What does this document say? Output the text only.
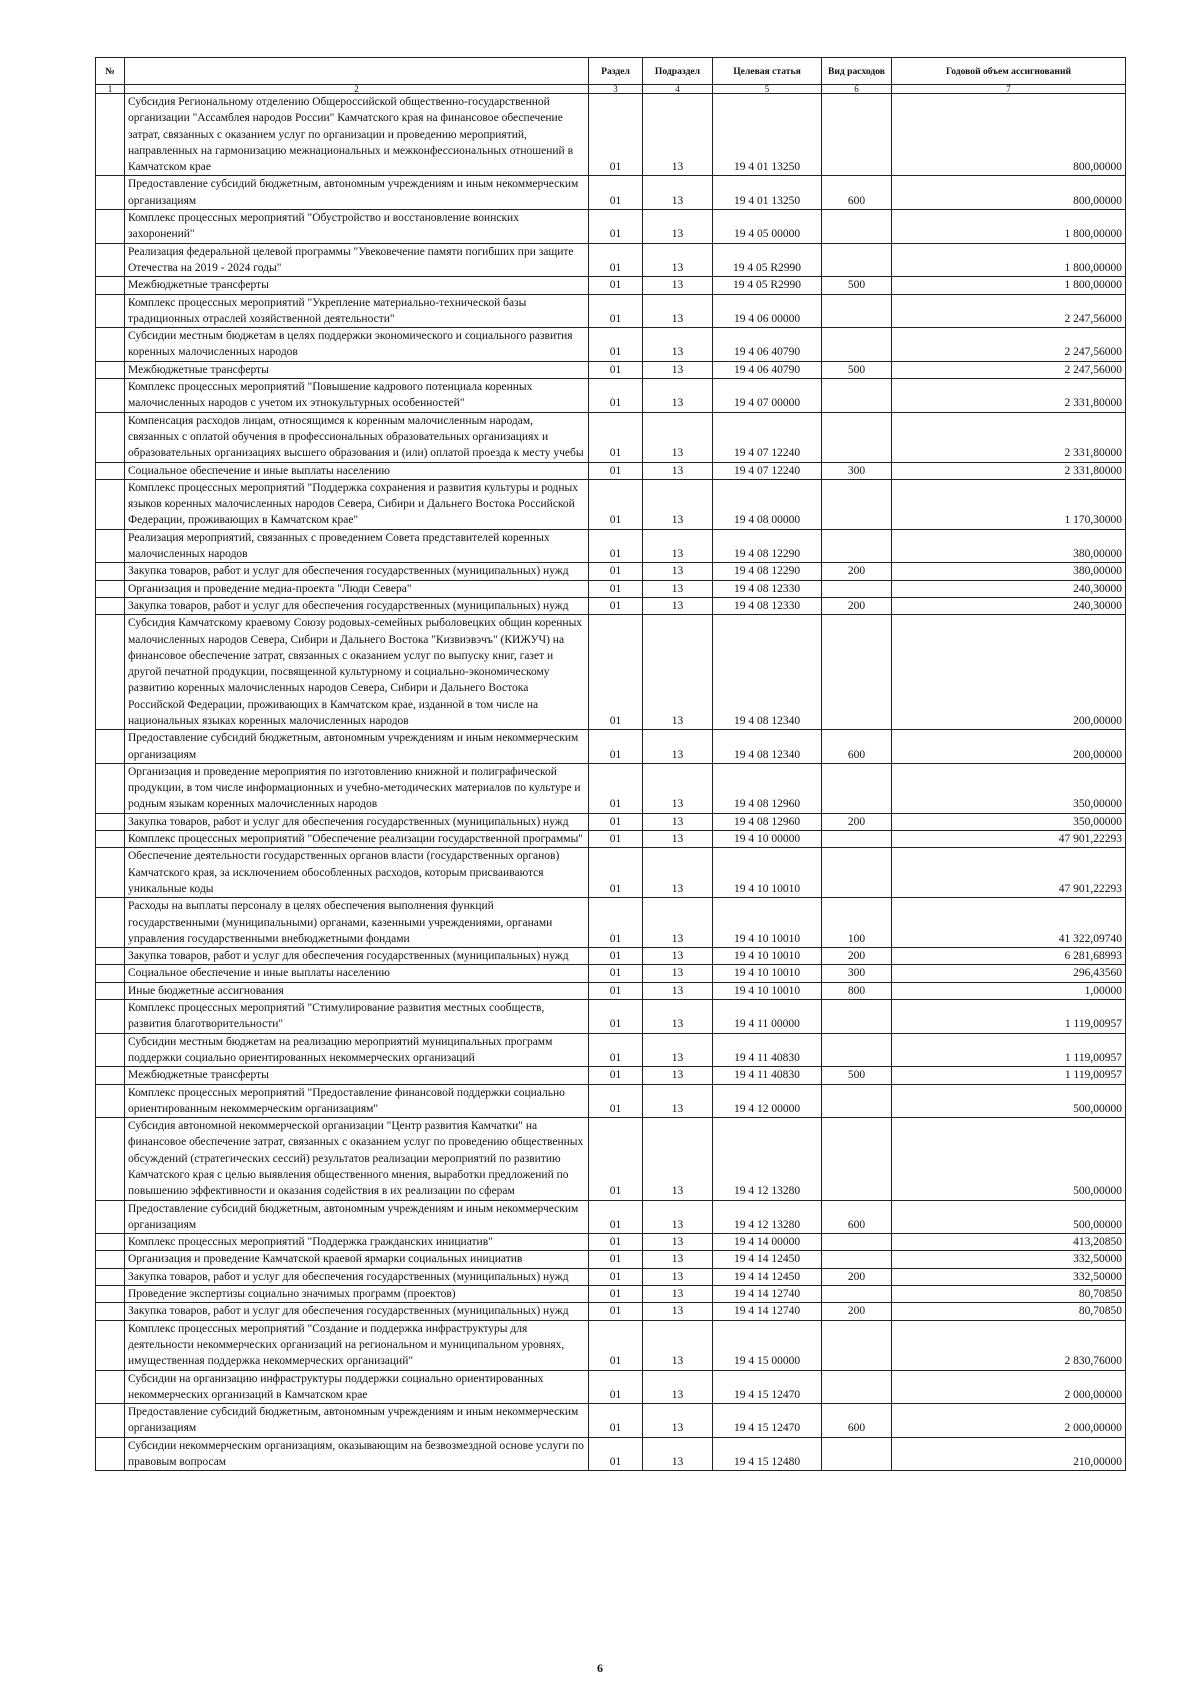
№		Раздел	Подраздел	Целевая статья	Вид расходов	Годовой объем ассигнований
1	2	3	4	5	6	7
	Субсидия Региональному отделению Общероссийской общественно-государственной организации "Ассамблея народов России" Камчатского края на финансовое обеспечение затрат, связанных с оказанием услуг по организации и проведению мероприятий, направленных на гармонизацию межнациональных и межконфессиональных отношений в Камчатском крае	01	13	19 4 01 13250		800,00000
	Предоставление субсидий бюджетным, автономным учреждениям и иным некоммерческим организациям	01	13	19 4 01 13250	600	800,00000
	Комплекс процессных мероприятий "Обустройство и восстановление воинских захоронений"	01	13	19 4 05 00000		1 800,00000
	Реализация федеральной целевой программы "Увековечение памяти погибших при защите Отечества на 2019 - 2024 годы"	01	13	19 4 05 R2990		1 800,00000
	Межбюджетные трансферты	01	13	19 4 05 R2990	500	1 800,00000
	Комплекс процессных мероприятий "Укрепление материально-технической базы традиционных отраслей хозяйственной деятельности"	01	13	19 4 06 00000		2 247,56000
	Субсидии местным бюджетам в целях поддержки экономического и социального развития коренных малочисленных народов	01	13	19 4 06 40790		2 247,56000
	Межбюджетные трансферты	01	13	19 4 06 40790	500	2 247,56000
	Комплекс процессных мероприятий "Повышение кадрового потенциала коренных малочисленных народов с учетом их этнокультурных особенностей"	01	13	19 4 07 00000		2 331,80000
	Компенсация расходов лицам, относящимся к коренным малочисленным народам, связанных с оплатой обучения в профессиональных образовательных организациях и образовательных организациях высшего образования и (или) оплатой проезда к месту учебы	01	13	19 4 07 12240		2 331,80000
	Социальное обеспечение и иные выплаты населению	01	13	19 4 07 12240	300	2 331,80000
	Комплекс процессных мероприятий "Поддержка сохранения и развития культуры и родных языков коренных малочисленных народов Севера, Сибири и Дальнего Востока Российской Федерации, проживающих в Камчатском крае"	01	13	19 4 08 00000		1 170,30000
	Реализация мероприятий, связанных с проведением Совета представителей коренных малочисленных народов	01	13	19 4 08 12290		380,00000
	Закупка товаров, работ и услуг для обеспечения государственных (муниципальных) нужд	01	13	19 4 08 12290	200	380,00000
	Организация и проведение медиа-проекта "Люди Севера"	01	13	19 4 08 12330		240,30000
	Закупка товаров, работ и услуг для обеспечения государственных (муниципальных) нужд	01	13	19 4 08 12330	200	240,30000
	Субсидия Камчатскому краевому Союзу родовых-семейных рыболовецких общин коренных малочисленных народов Севера, Сибири и Дальнего Востока "Кизвиэвэчъ" (КИЖУЧ) на финансовое обеспечение затрат, связанных с оказанием услуг по выпуску книг, газет и другой печатной продукции, посвященной культурному и социально-экономическому развитию коренных малочисленных народов Севера, Сибири и Дальнего Востока Российской Федерации, проживающих в Камчатском крае, изданной в том числе на национальных языках коренных малочисленных народов	01	13	19 4 08 12340		200,00000
	Предоставление субсидий бюджетным, автономным учреждениям и иным некоммерческим организациям	01	13	19 4 08 12340	600	200,00000
	Организация и проведение мероприятия по изготовлению книжной и полиграфической продукции, в том числе информационных и учебно-методических материалов по культуре и родным языкам коренных малочисленных народов	01	13	19 4 08 12960		350,00000
	Закупка товаров, работ и услуг для обеспечения государственных (муниципальных) нужд	01	13	19 4 08 12960	200	350,00000
	Комплекс процессных мероприятий "Обеспечение реализации государственной программы"	01	13	19 4 10 00000		47 901,22293
	Обеспечение деятельности государственных органов власти (государственных органов) Камчатского края, за исключением обособленных расходов, которым присваиваются уникальные коды	01	13	19 4 10 10010		47 901,22293
	Расходы на выплаты персоналу в целях обеспечения выполнения функций государственными (муниципальными) органами, казенными учреждениями, органами управления государственными внебюджетными фондами	01	13	19 4 10 10010	100	41 322,09740
	Закупка товаров, работ и услуг для обеспечения государственных (муниципальных) нужд	01	13	19 4 10 10010	200	6 281,68993
	Социальное обеспечение и иные выплаты населению	01	13	19 4 10 10010	300	296,43560
	Иные бюджетные ассигнования	01	13	19 4 10 10010	800	1,00000
	Комплекс процессных мероприятий "Стимулирование развития местных сообществ, развития благотворительности"	01	13	19 4 11 00000		1 119,00957
	Субсидии местным бюджетам на реализацию мероприятий муниципальных программ поддержки социально ориентированных некоммерческих организаций	01	13	19 4 11 40830		1 119,00957
	Межбюджетные трансферты	01	13	19 4 11 40830	500	1 119,00957
	Комплекс процессных мероприятий "Предоставление финансовой поддержки социально ориентированным некоммерческим организациям"	01	13	19 4 12 00000		500,00000
	Субсидия автономной некоммерческой организации "Центр развития Камчатки" на финансовое обеспечение затрат, связанных с оказанием услуг по проведению общественных обсуждений (стратегических сессий) результатов реализации мероприятий по развитию Камчатского края с целью выявления общественного мнения, выработки предложений по повышению эффективности и оказания содействия в их реализации по сферам	01	13	19 4 12 13280		500,00000
	Предоставление субсидий бюджетным, автономным учреждениям и иным некоммерческим организациям	01	13	19 4 12 13280	600	500,00000
	Комплекс процессных мероприятий "Поддержка гражданских инициатив"	01	13	19 4 14 00000		413,20850
	Организация и проведение Камчатской краевой ярмарки социальных инициатив	01	13	19 4 14 12450		332,50000
	Закупка товаров, работ и услуг для обеспечения государственных (муниципальных) нужд	01	13	19 4 14 12450	200	332,50000
	Проведение экспертизы социально значимых программ (проектов)	01	13	19 4 14 12740		80,70850
	Закупка товаров, работ и услуг для обеспечения государственных (муниципальных) нужд	01	13	19 4 14 12740	200	80,70850
	Комплекс процессных мероприятий "Создание и поддержка инфраструктуры для деятельности некоммерческих организаций на региональном и муниципальном уровнях, имущественная поддержка некоммерческих организаций"	01	13	19 4 15 00000		2 830,76000
	Субсидии на организацию инфраструктуры поддержки социально ориентированных некоммерческих организаций в Камчатском крае	01	13	19 4 15 12470		2 000,00000
	Предоставление субсидий бюджетным, автономным учреждениям и иным некоммерческим организациям	01	13	19 4 15 12470	600	2 000,00000
	Субсидии некоммерческим организациям, оказывающим на безвозмездной основе услуги по правовым вопросам	01	13	19 4 15 12480		210,00000
6
